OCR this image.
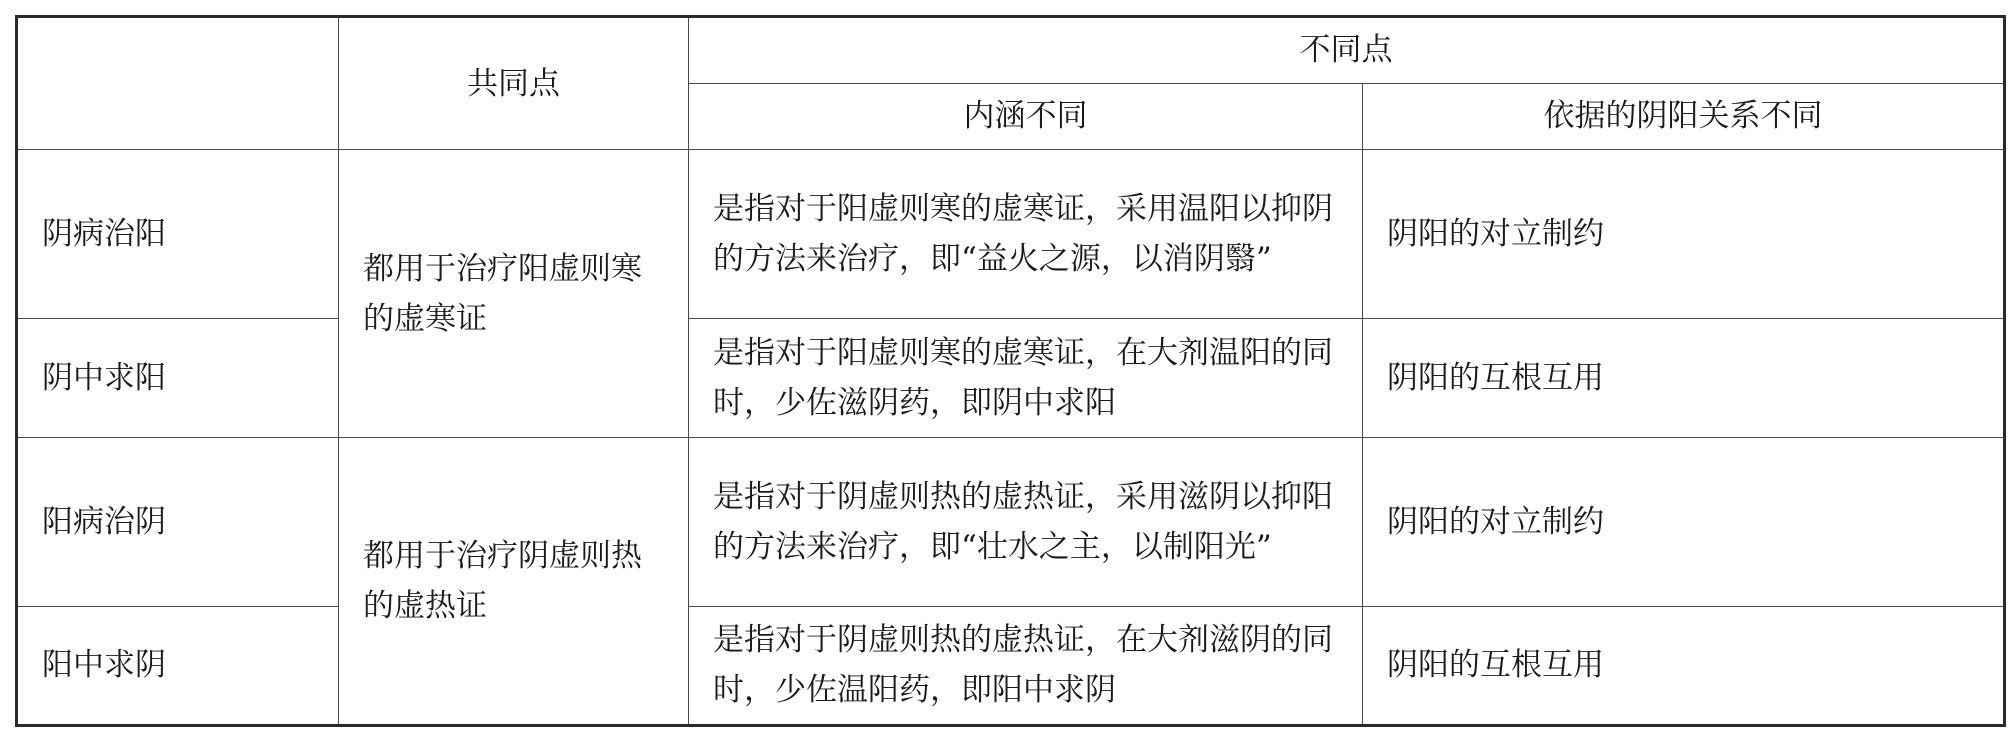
	共同点	不同点	
		内涵不同	依据的阴阳关系不同
阴病治阳	都用于治疗阳虚则寒的虚寒证	是指对于阳虚则寒的虚寒证，采用温阳以抑阴的方法来治疗，即“益火之源，以消阴翳”	阴阳的对立制约
阴中求阳		是指对于阳虚则寒的虚寒证，在大剂温阳的同时，少佐滋阴药，即阴中求阳	阴阳的互根互用
阳病治阴	都用于治疗阴虚则热的虚热证	是指对于阴虚则热的虚热证，采用滋阴以抑阳的方法来治疗，即“壮水之主，以制阳光”	阴阳的对立制约
阳中求阴		是指对于阴虚则热的虚热证，在大剂滋阴的同时，少佐温阳药，即阳中求阴	阴阳的互根互用
